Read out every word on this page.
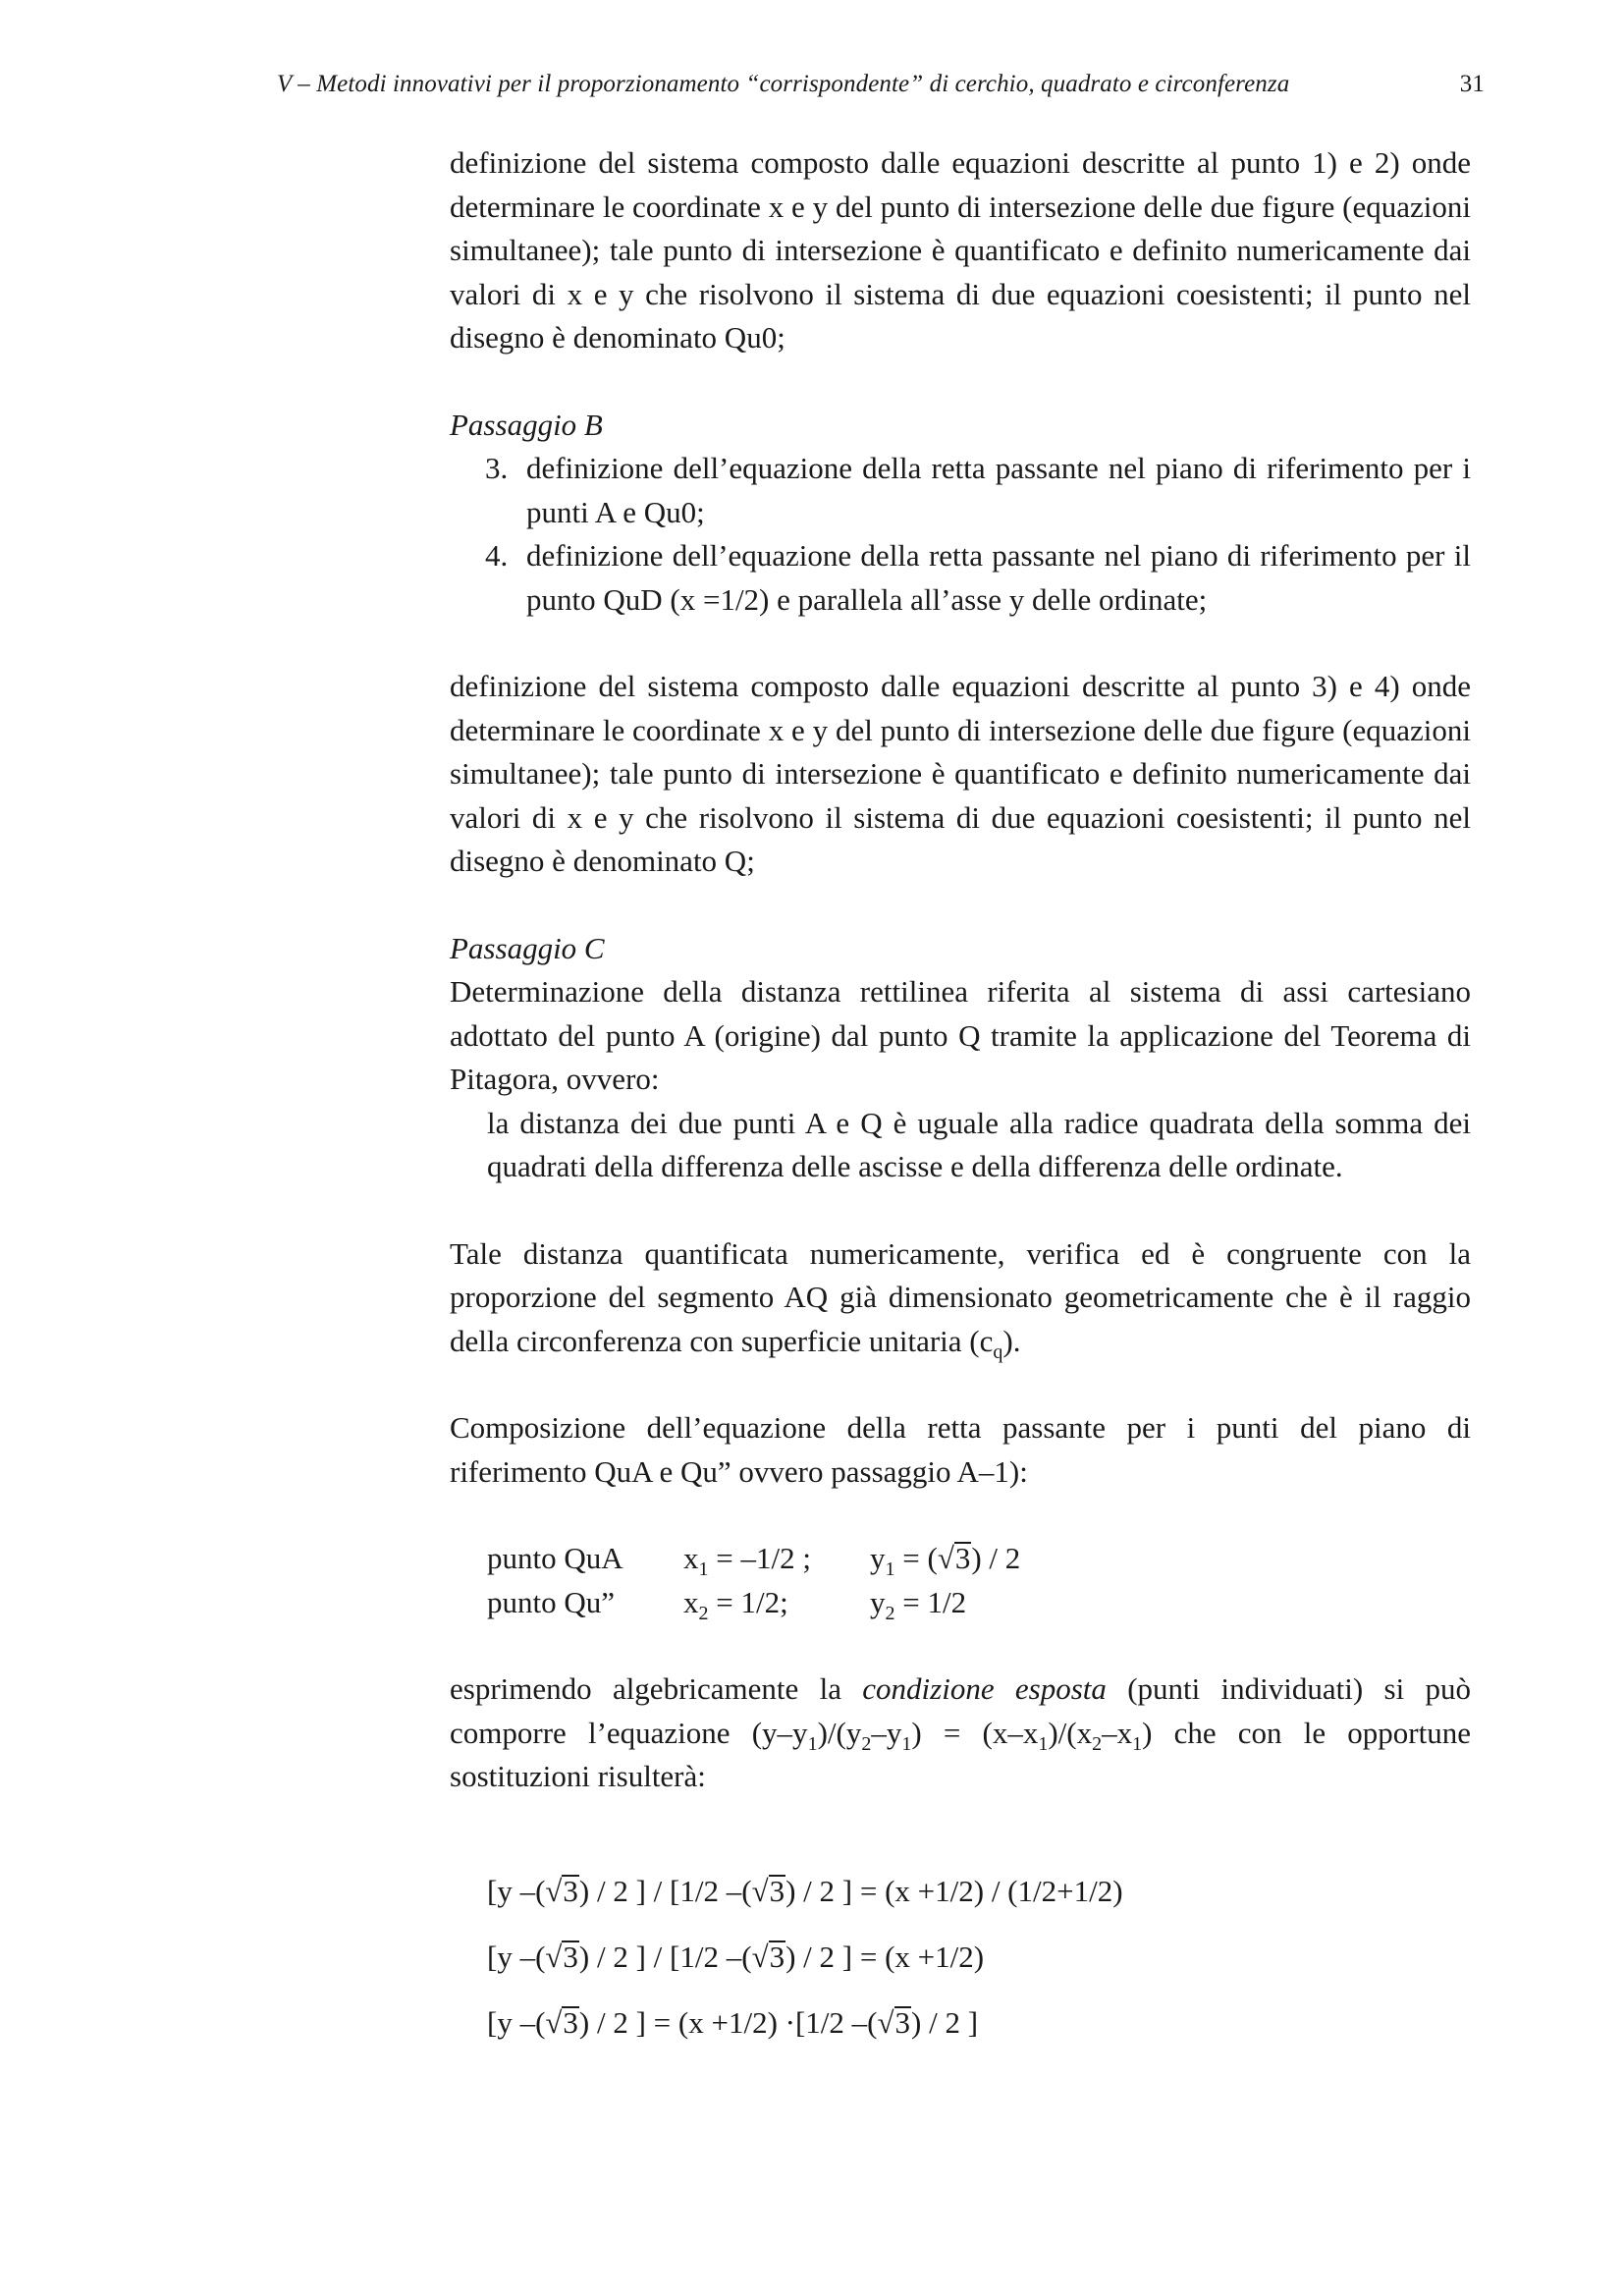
V – Metodi innovativi per il proporzionamento “corrispondente” di cerchio, quadrato e circonferenza	31

definizione del sistema composto dalle equazioni descritte al punto 1) e 2) onde determinare le coordinate x e y del punto di intersezione delle due figure (equazioni simultanee); tale punto di intersezione è quantificato e definito numericamente dai valori di x e y che risolvono il sistema di due equazioni coesistenti; il punto nel disegno è denominato Qu0;

Passaggio B
3. definizione dell’equazione della retta passante nel piano di riferimento per i punti A e Qu0;
4. definizione dell’equazione della retta passante nel piano di riferimento per il punto QuD (x =1/2) e parallela all’asse y delle ordinate;

definizione del sistema composto dalle equazioni descritte al punto 3) e 4) onde determinare le coordinate x e y del punto di intersezione delle due figure (equazioni simultanee); tale punto di intersezione è quantificato e definito numericamente dai valori di x e y che risolvono il sistema di due equazioni coesistenti; il punto nel disegno è denominato Q;

Passaggio C

Determinazione della distanza rettilinea riferita al sistema di assi cartesiano adottato del punto A (origine) dal punto Q tramite la applicazione del Teorema di Pitagora, ovvero:

la distanza dei due punti A e Q è uguale alla radice quadrata della somma dei quadrati della differenza delle ascisse e della differenza delle ordinate.

Tale distanza quantificata numericamente, verifica ed è congruente con la proporzione del segmento AQ già dimensionato geometricamente che è il raggio della circonferenza con superficie unitaria $(c_q)$.

Composizione dell’equazione della retta passante per i punti del piano di riferimento QuA e Qu” ovvero passaggio A–1):

punto QuA	$x_1 = -1/2$ ;	$y_1 = (√3) / 2$
punto Qu”	$x_2 = 1/2$;	$y_2 = 1/2$

esprimendo algebricamente la condizione esposta (punti individuati) si può comporre l’equazione $(y-y_1)/(y_2-y_1) = (x-x_1)/(x_2-x_1)$ che con le opportune sostituzioni risulterà:

[y –(√3) / 2 ] / [1/2 –(√3) / 2 ] = (x +1/2) / (1/2+1/2)
[y –(√3) / 2 ] / [1/2 –(√3) / 2 ] = (x +1/2)
[y –(√3) / 2 ] = (x +1/2) ·[1/2 –(√3) / 2 ]
